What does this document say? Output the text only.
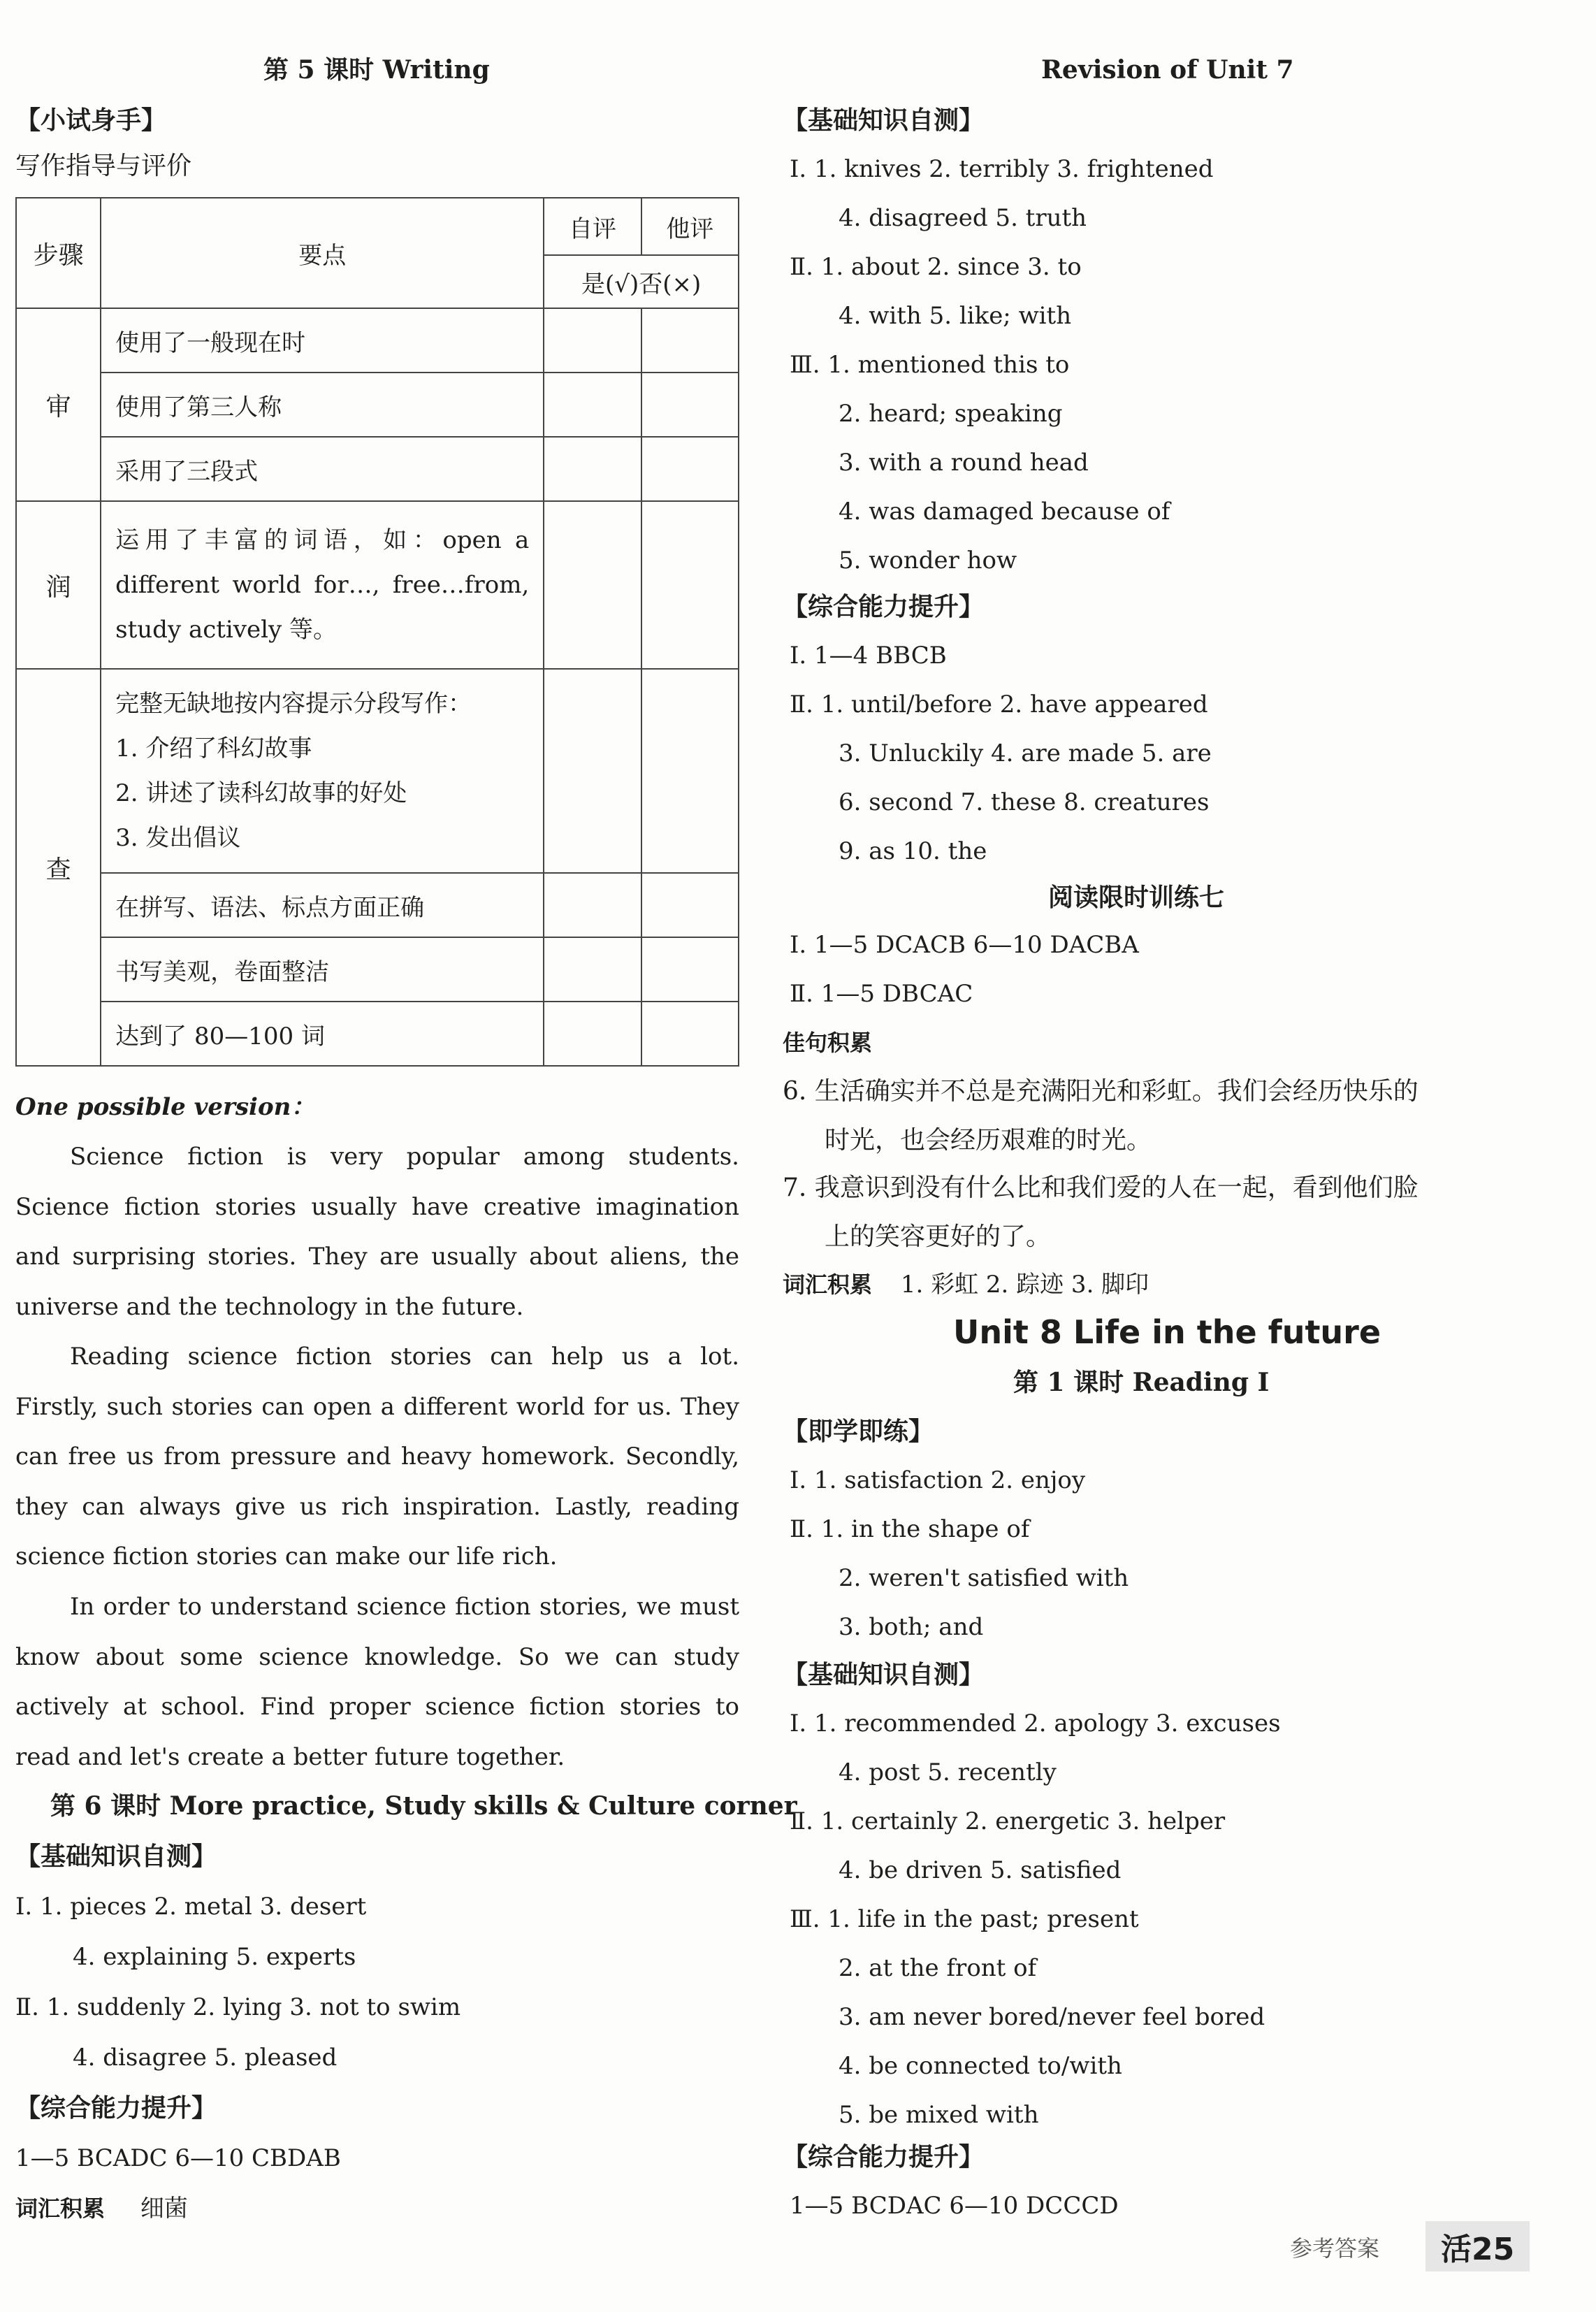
第 5 课时 Writing
【小试身手】
写作指导与评价
步骤	要点	自评	他评
		是(√)否(×)	
审	使用了一般现在时		
	使用了第三人称		
	采用了三段式		
润	运用了丰富的词语，如：open a different world for…, free…from, study actively 等。		
查	完整无缺地按内容提示分段写作：
1. 介绍了科幻故事
2. 讲述了读科幻故事的好处
3. 发出倡议		

	在拼写、语法、标点方面正确		
	书写美观，卷面整洁		
	达到了 80—100 词		
One possible version：
Science fiction is very popular among students. Science fiction stories usually have creative imagination and surprising stories. They are usually about aliens, the universe and the technology in the future.
Reading science fiction stories can help us a lot. Firstly, such stories can open a different world for us. They can free us from pressure and heavy homework. Secondly, they can always give us rich inspiration. Lastly, reading science fiction stories can make our life rich.
In order to understand science fiction stories, we must know about some science knowledge. So we can study actively at school. Find proper science fiction stories to read and let's create a better future together.
第 6 课时 More practice, Study skills & Culture corner
【基础知识自测】
Ⅰ. 1. pieces 2. metal 3. desert
4. explaining 5. experts
Ⅱ. 1. suddenly 2. lying 3. not to swim
4. disagree 5. pleased
【综合能力提升】
1—5 BCADC 6—10 CBDAB
词汇积累 细菌
Revision of Unit 7
【基础知识自测】
Ⅰ. 1. knives 2. terribly 3. frightened
4. disagreed 5. truth
Ⅱ. 1. about 2. since 3. to
4. with 5. like; with
Ⅲ. 1. mentioned this to
2. heard; speaking
3. with a round head
4. was damaged because of
5. wonder how
【综合能力提升】
Ⅰ. 1—4 BBCB
Ⅱ. 1. until/before 2. have appeared
3. Unluckily 4. are made 5. are
6. second 7. these 8. creatures
9. as 10. the
阅读限时训练七
Ⅰ. 1—5 DCACB 6—10 DACBA
Ⅱ. 1—5 DBCAC
佳句积累
6. 生活确实并不总是充满阳光和彩虹。我们会经历快乐的
时光，也会经历艰难的时光。
7. 我意识到没有什么比和我们爱的人在一起，看到他们脸
上的笑容更好的了。
词汇积累 1. 彩虹 2. 踪迹 3. 脚印
Unit 8 Life in the future
第 1 课时 Reading Ⅰ
【即学即练】
Ⅰ. 1. satisfaction 2. enjoy
Ⅱ. 1. in the shape of
2. weren't satisfied with
3. both; and
【基础知识自测】
Ⅰ. 1. recommended 2. apology 3. excuses
4. post 5. recently
Ⅱ. 1. certainly 2. energetic 3. helper
4. be driven 5. satisfied
Ⅲ. 1. life in the past; present
2. at the front of
3. am never bored/never feel bored
4. be connected to/with
5. be mixed with
【综合能力提升】
1—5 BCDAC 6—10 DCCCD
参考答案	活25
